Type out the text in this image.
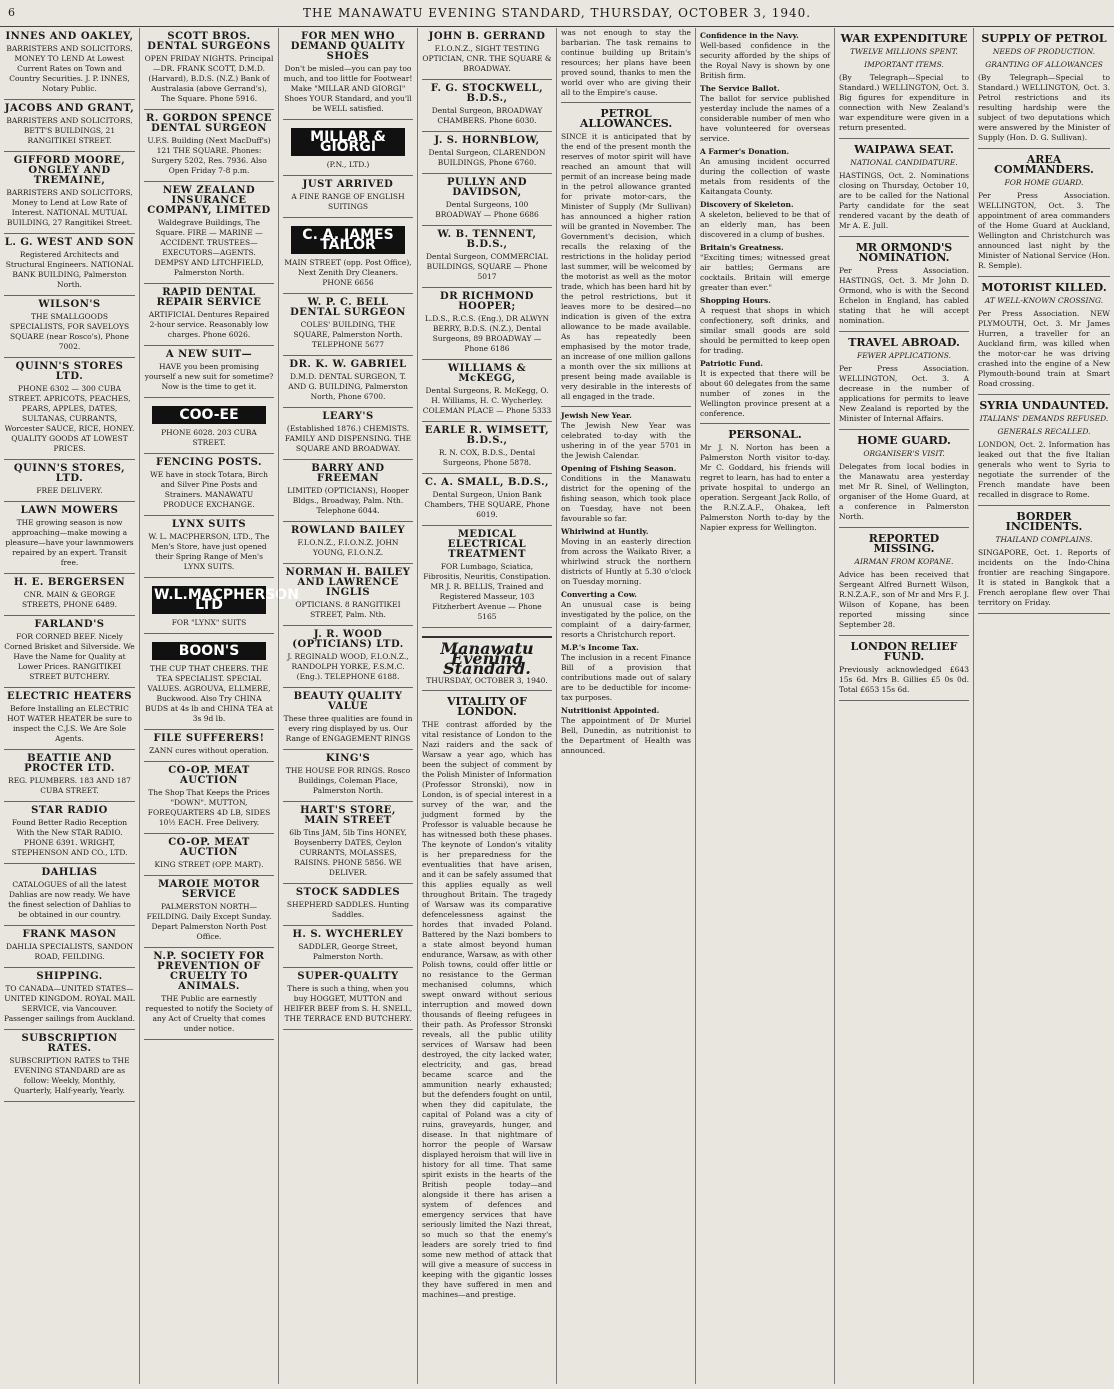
6	THE MANAWATU EVENING STANDARD, THURSDAY, OCTOBER 3, 1940.
INNES AND OAKLEY,
BARRISTERS AND SOLICITORS, MONEY TO LEND At Lowest Current Rates on Town and Country Securities. J. P. INNES, Notary Public.
JACOBS AND GRANT,
BARRISTERS AND SOLICITORS, BETT'S BUILDINGS, 21 RANGITIKEI STREET.
GIFFORD MOORE, ONGLEY AND TREMAINE,
BARRISTERS AND SOLICITORS, Money to Lend at Low Rate of Interest. NATIONAL MUTUAL BUILDING, 27 Rangitikei Street.
L. G. WEST AND SON
Registered Architects and Structural Engineers. NATIONAL BANK BUILDING, Palmerston North.
WILSON'S
THE SMALLGOODS SPECIALISTS, FOR SAVELOYS SQUARE (near Rosco's), Phone 7002.
QUINN'S STORES LTD.
PHONE 6302 — 300 CUBA STREET. APRICOTS, PEACHES, PEARS, APPLES, DATES, SULTANAS, CURRANTS, Worcester SAUCE, RICE, HONEY. QUALITY GOODS AT LOWEST PRICES.
QUINN'S STORES, LTD.
FREE DELIVERY.
LAWN MOWERS
THE growing season is now approaching—make mowing a pleasure—have your lawnmowers repaired by an expert. Transit free.
H. E. BERGERSEN
CNR. MAIN & GEORGE STREETS, PHONE 6489.
FARLAND'S
FOR CORNED BEEF. Nicely Corned Brisket and Silverside. We Have the Name for Quality at Lower Prices. RANGITIKEI STREET BUTCHERY.
ELECTRIC HEATERS
Before Installing an ELECTRIC HOT WATER HEATER be sure to inspect the C.J.S. We Are Sole Agents.
BEATTIE AND PROCTER LTD.
REG. PLUMBERS. 183 AND 187 CUBA STREET.
STAR RADIO
Found Better Radio Reception With the New STAR RADIO. PHONE 6391. WRIGHT, STEPHENSON AND CO., LTD.
DAHLIAS
CATALOGUES of all the latest Dahlias are now ready. We have the finest selection of Dahlias to be obtained in our country.
FRANK MASON
DAHLIA SPECIALISTS, SANDON ROAD, FEILDING.
SHIPPING.
TO CANADA—UNITED STATES—UNITED KINGDOM. ROYAL MAIL SERVICE, via Vancouver. Passenger sailings from Auckland.
SUBSCRIPTION RATES.
SUBSCRIPTION RATES to THE EVENING STANDARD are as follow: Weekly, Monthly, Quarterly, Half-yearly, Yearly.
SCOTT BROS. DENTAL SURGEONS
OPEN FRIDAY NIGHTS. Principal—DR. FRANK SCOTT, D.M.D. (Harvard), B.D.S. (N.Z.) Bank of Australasia (above Gerrand's), The Square. Phone 5916.
R. GORDON SPENCE DENTAL SURGEON
U.F.S. Building (Next MacDuff's) 121 THE SQUARE. Phones: Surgery 5202, Res. 7936. Also Open Friday 7-8 p.m.
NEW ZEALAND INSURANCE COMPANY, LIMITED
Waldegrave Buildings, The Square. FIRE — MARINE — ACCIDENT. TRUSTEES—EXECUTORS—AGENTS. DEMPSY AND LITCHFIELD, Palmerston North.
RAPID DENTAL REPAIR SERVICE
ARTIFICIAL Dentures Repaired 2-hour service. Reasonably low charges. Phone 6026.
A NEW SUIT—
HAVE you been promising yourself a new suit for sometime? Now is the time to get it.
COO-EE
PHONE 6028. 203 CUBA STREET.
FENCING POSTS.
WE have in stock Totara, Birch and Silver Pine Posts and Strainers. MANAWATU PRODUCE EXCHANGE.
LYNX SUITS
W. L. MACPHERSON, LTD., The Men's Store, have just opened their Spring Range of Men's LYNX SUITS.
W.L.MACPHERSON LTD
FOR "LYNX" SUITS
BOON'S
THE CUP THAT CHEERS. THE TEA SPECIALIST. SPECIAL VALUES. AGROUVA, ELLMERE, Buckwood. Also Try CHINA BUDS at 4s lb and CHINA TEA at 3s 9d lb.
FILE SUFFERERS!
ZANN cures without operation.
CO-OP. MEAT AUCTION
The Shop That Keeps the Prices "DOWN". MUTTON, FOREQUARTERS 4D LB, SIDES 10½ EACH. Free Delivery.
CO-OP. MEAT AUCTION
KING STREET (OPP. MART).
MAROIE MOTOR SERVICE
PALMERSTON NORTH—FEILDING. Daily Except Sunday. Depart Palmerston North Post Office.
N.P. SOCIETY FOR PREVENTION OF CRUELTY TO ANIMALS.
THE Public are earnestly requested to notify the Society of any Act of Cruelty that comes under notice.
FOR MEN WHO DEMAND QUALITY SHOES
Don't be misled—you can pay too much, and too little for Footwear! Make "MILLAR AND GIORGI" Shoes YOUR Standard, and you'll be WELL satisfied.
MILLAR & GIORGI
(P.N., LTD.)
JUST ARRIVED
A FINE RANGE OF ENGLISH SUITINGS
C. A. JAMES TAILOR
MAIN STREET (opp. Post Office), Next Zenith Dry Cleaners. PHONE 6656
W. P. C. BELL DENTAL SURGEON
COLES' BUILDING, THE SQUARE, Palmerston North. TELEPHONE 5677
DR. K. W. GABRIEL
D.M.D. DENTAL SURGEON, T. AND G. BUILDING, Palmerston North, Phone 6700.
LEARY'S
(Established 1876.) CHEMISTS. FAMILY AND DISPENSING. THE SQUARE AND BROADWAY.
BARRY AND FREEMAN
LIMITED (OPTICIANS), Hooper Bldgs., Broadway, Palm. Nth. Telephone 6044.
ROWLAND BAILEY
F.I.O.N.Z., F.I.O.N.Z. JOHN YOUNG, F.I.O.N.Z.
NORMAN H. BAILEY AND LAWRENCE INGLIS
OPTICIANS. 8 RANGITIKEI STREET, Palm. Nth.
J. R. WOOD (OPTICIANS) LTD.
J. REGINALD WOOD, F.I.O.N.Z., RANDOLPH YORKE, F.S.M.C. (Eng.). TELEPHONE 6188.
BEAUTY QUALITY VALUE
These three qualities are found in every ring displayed by us. Our Range of ENGAGEMENT RINGS
KING'S
THE HOUSE FOR RINGS. Rosco Buildings, Coleman Place, Palmerston North.
HART'S STORE, MAIN STREET
6lb Tins JAM, 5lb Tins HONEY, Boysenberry DATES, Ceylon CURRANTS, MOLASSES, RAISINS. PHONE 5856. WE DELIVER.
STOCK SADDLES
SHEPHERD SADDLES. Hunting Saddles.
H. S. WYCHERLEY
SADDLER, George Street, Palmerston North.
SUPER-QUALITY
There is such a thing, when you buy HOGGET, MUTTON and HEIFER BEEF from S. H. SNELL, THE TERRACE END BUTCHERY.
JOHN B. GERRAND
F.I.O.N.Z., SIGHT TESTING OPTICIAN, CNR. THE SQUARE & BROADWAY.
F. G. STOCKWELL, B.D.S.,
Dental Surgeon, BROADWAY CHAMBERS. Phone 6030.
J. S. HORNBLOW,
Dental Surgeon, CLARENDON BUILDINGS, Phone 6760.
PULLYN AND DAVIDSON,
Dental Surgeons, 100 BROADWAY — Phone 6686
W. B. TENNENT, B.D.S.,
Dental Surgeon, COMMERCIAL BUILDINGS, SQUARE — Phone 5017
DR RICHMOND HOOPER;
L.D.S., R.C.S. (Eng.), DR ALWYN BERRY, B.D.S. (N.Z.), Dental Surgeons, 89 BROADWAY — Phone 6186
WILLIAMS & McKEGG,
Dental Surgeons, R. McKegg, O. H. Williams, H. C. Wycherley. COLEMAN PLACE — Phone 5333
EARLE R. WIMSETT, B.D.S.,
R. N. COX, B.D.S., Dental Surgeons, Phone 5878.
C. A. SMALL, B.D.S.,
Dental Surgeon, Union Bank Chambers, THE SQUARE, Phone 6019.
MEDICAL ELECTRICAL TREATMENT
FOR Lumbago, Sciatica, Fibrositis, Neuritis, Constipation. MR J. R. BELLIS, Trained and Registered Masseur, 103 Fitzherbert Avenue — Phone 5165
Manawatu Evening Standard.
THURSDAY, OCTOBER 3, 1940.
VITALITY OF LONDON.
THE contrast afforded by the vital resistance of London to the Nazi raiders and the sack of Warsaw a year ago, which has been the subject of comment by the Polish Minister of Information (Professor Stronski), now in London, is of special interest in a survey of the war, and the judgment formed by the Professor is valuable because he has witnessed both these phases. The keynote of London's vitality is her preparedness for the eventualities that have arisen, and it can be safely assumed that this applies equally as well throughout Britain. The tragedy of Warsaw was its comparative defencelessness against the hordes that invaded Poland. Battered by the Nazi bombers to a state almost beyond human endurance, Warsaw, as with other Polish towns, could offer little or no resistance to the German mechanised columns, which swept onward without serious interruption and mowed down thousands of fleeing refugees in their path. As Professor Stronski reveals, all the public utility services of Warsaw had been destroyed, the city lacked water, electricity, and gas, bread became scarce and the ammunition nearly exhausted; but the defenders fought on until, when they did capitulate, the capital of Poland was a city of ruins, graveyards, hunger, and disease. In that nightmare of horror the people of Warsaw displayed heroism that will live in history for all time. That same spirit exists in the hearts of the British people today—and alongside it there has arisen a system of defences and emergency services that have seriously limited the Nazi threat, so much so that the enemy's leaders are sorely tried to find some new method of attack that will give a measure of success in keeping with the gigantic losses they have suffered in men and machines—and prestige.
was not enough to stay the barbarian. The task remains to continue building up Britain's resources; her plans have been proved sound, thanks to men the world over who are giving their all to the Empire's cause.
PETROL ALLOWANCES.
SINCE it is anticipated that by the end of the present month the reserves of motor spirit will have reached an amount that will permit of an increase being made in the petrol allowance granted for private motor-cars, the Minister of Supply (Mr Sullivan) has announced a higher ration will be granted in November. The Government's decision, which recalls the relaxing of the restrictions in the holiday period last summer, will be welcomed by the motorist as well as the motor trade, which has been hard hit by the petrol restrictions, but it leaves more to be desired—no indication is given of the extra allowance to be made available. As has repeatedly been emphasised by the motor trade, an increase of one million gallons a month over the six millions at present being made available is very desirable in the interests of all engaged in the trade.
Jewish New Year.
The Jewish New Year was celebrated to-day with the ushering in of the year 5701 in the Jewish Calendar.
Opening of Fishing Season.
Conditions in the Manawatu district for the opening of the fishing season, which took place on Tuesday, have not been favourable so far.
Whirlwind at Huntly.
Moving in an easterly direction from across the Waikato River, a whirlwind struck the northern districts of Huntly at 5.30 o'clock on Tuesday morning.
Converting a Cow.
An unusual case is being investigated by the police, on the complaint of a dairy-farmer, resorts a Christchurch report.
M.P.'s Income Tax.
The inclusion in a recent Finance Bill of a provision that contributions made out of salary are to be deductible for income-tax purposes.
Nutritionist Appointed.
The appointment of Dr Muriel Bell, Dunedin, as nutritionist to the Department of Health was announced.
Confidence in the Navy.
Well-based confidence in the security afforded by the ships of the Royal Navy is shown by one British firm.
The Service Ballot.
The ballot for service published yesterday include the names of a considerable number of men who have volunteered for overseas service.
A Farmer's Donation.
An amusing incident occurred during the collection of waste metals from residents of the Kaitangata County.
Discovery of Skeleton.
A skeleton, believed to be that of an elderly man, has been discovered in a clump of bushes.
Britain's Greatness.
"Exciting times; witnessed great air battles; Germans are cocktails. Britain will emerge greater than ever."
Shopping Hours.
A request that shops in which confectionery, soft drinks, and similar small goods are sold should be permitted to keep open for trading.
Patriotic Fund.
It is expected that there will be about 60 delegates from the same number of zones in the Wellington province present at a conference.
PERSONAL.
Mr J. N. Norton has been a Palmerston North visitor to-day. Mr C. Goddard, his friends will regret to learn, has had to enter a private hospital to undergo an operation. Sergeant Jack Rollo, of the R.N.Z.A.F., Ohakea, left Palmerston North to-day by the Napier express for Wellington.
WAR EXPENDITURE
TWELVE MILLIONS SPENT.
IMPORTANT ITEMS.
(By Telegraph—Special to Standard.) WELLINGTON, Oct. 3. Big figures for expenditure in connection with New Zealand's war expenditure were given in a return presented.
WAIPAWA SEAT.
NATIONAL CANDIDATURE.
HASTINGS, Oct. 2. Nominations closing on Thursday, October 10, are to be called for the National Party candidate for the seat rendered vacant by the death of Mr A. E. Jull.
MR ORMOND'S NOMINATION.
Per Press Association. HASTINGS, Oct. 3. Mr John D. Ormond, who is with the Second Echelon in England, has cabled stating that he will accept nomination.
TRAVEL ABROAD.
FEWER APPLICATIONS.
Per Press Association. WELLINGTON, Oct. 3. A decrease in the number of applications for permits to leave New Zealand is reported by the Minister of Internal Affairs.
HOME GUARD.
ORGANISER'S VISIT.
Delegates from local bodies in the Manawatu area yesterday met Mr R. Sinel, of Wellington, organiser of the Home Guard, at a conference in Palmerston North.
REPORTED MISSING.
AIRMAN FROM KOPANE.
Advice has been received that Sergeant Alfred Burnett Wilson, R.N.Z.A.F., son of Mr and Mrs F. J. Wilson of Kopane, has been reported missing since September 28.
LONDON RELIEF FUND.
Previously acknowledged £643 15s 6d. Mrs B. Gillies £5 0s 0d. Total £653 15s 6d.
SUPPLY OF PETROL
NEEDS OF PRODUCTION.
GRANTING OF ALLOWANCES
(By Telegraph—Special to Standard.) WELLINGTON, Oct. 3. Petrol restrictions and its resulting hardship were the subject of two deputations which were answered by the Minister of Supply (Hon. D. G. Sullivan).
AREA COMMANDERS.
FOR HOME GUARD.
Per Press Association. WELLINGTON, Oct. 3. The appointment of area commanders of the Home Guard at Auckland, Wellington and Christchurch was announced last night by the Minister of National Service (Hon. R. Semple).
MOTORIST KILLED.
AT WELL-KNOWN CROSSING.
Per Press Association. NEW PLYMOUTH, Oct. 3. Mr James Hurren, a traveller for an Auckland firm, was killed when the motor-car he was driving crashed into the engine of a New Plymouth-bound train at Smart Road crossing.
SYRIA UNDAUNTED.
ITALIANS' DEMANDS REFUSED.
GENERALS RECALLED.
LONDON, Oct. 2. Information has leaked out that the five Italian generals who went to Syria to negotiate the surrender of the French mandate have been recalled in disgrace to Rome.
BORDER INCIDENTS.
THAILAND COMPLAINS.
SINGAPORE, Oct. 1. Reports of incidents on the Indo-China frontier are reaching Singapore. It is stated in Bangkok that a French aeroplane flew over Thai territory on Friday.
